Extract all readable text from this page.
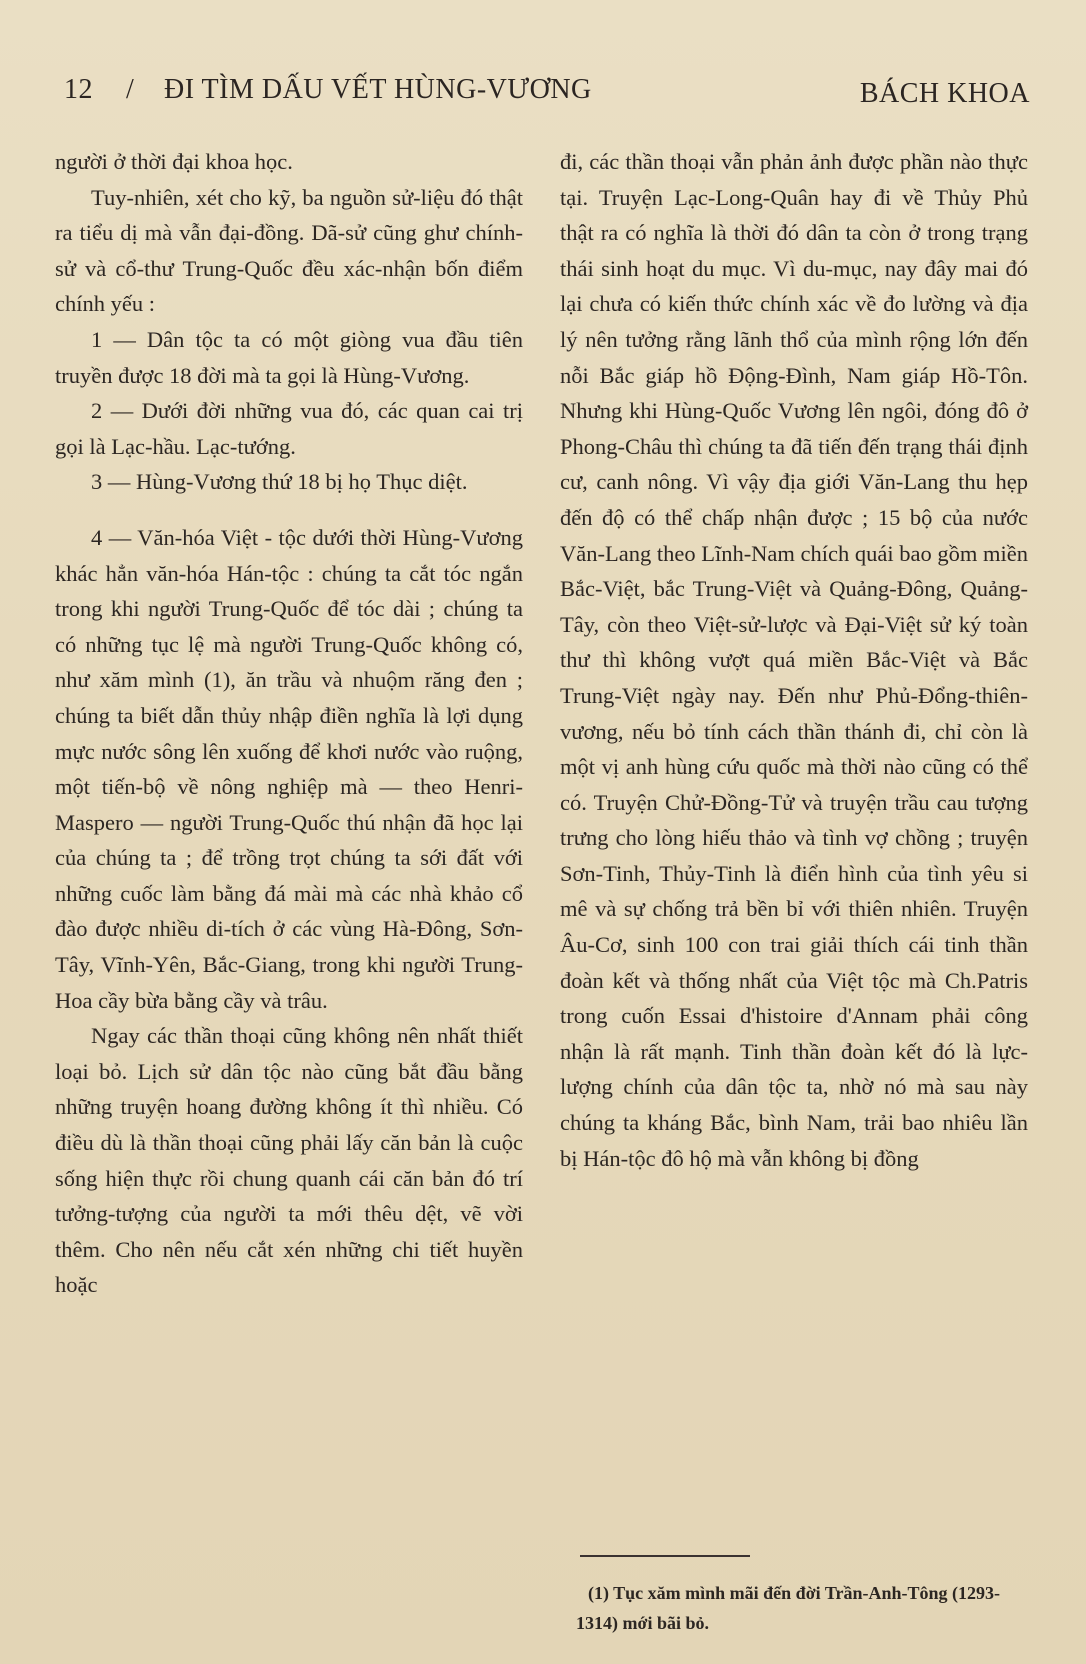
12 / ĐI TÌM DẤU VẾT HÙNG-VƯƠNG	BÁCH KHOA

người ở thời đại khoa học.

Tuy-nhiên, xét cho kỹ, ba nguồn sử-liệu đó thật ra tiểu dị mà vẫn đại-đồng. Dã-sử cũng ghư chính-sử và cổ-thư Trung-Quốc đều xác-nhận bốn điểm chính yếu :

1 — Dân tộc ta có một giòng vua đầu tiên truyền được 18 đời mà ta gọi là Hùng-Vương.

2 — Dưới đời những vua đó, các quan cai trị gọi là Lạc-hầu. Lạc-tướng.

3 — Hùng-Vương thứ 18 bị họ Thục diệt.

4 — Văn-hóa Việt - tộc dưới thời Hùng-Vương khác hẳn văn-hóa Hán-tộc : chúng ta cắt tóc ngắn trong khi người Trung-Quốc để tóc dài ; chúng ta có những tục lệ mà người Trung-Quốc không có, như xăm mình (1), ăn trầu và nhuộm răng đen ; chúng ta biết dẫn thủy nhập điền nghĩa là lợi dụng mực nước sông lên xuống để khơi nước vào ruộng, một tiến-bộ về nông nghiệp mà — theo Henri-Maspero — người Trung-Quốc thú nhận đã học lại của chúng ta ; để trồng trọt chúng ta sới đất với những cuốc làm bằng đá mài mà các nhà khảo cổ đào được nhiều di-tích ở các vùng Hà-Đông, Sơn-Tây, Vĩnh-Yên, Bắc-Giang, trong khi người Trung-Hoa cầy bừa bằng cầy và trâu.

Ngay các thần thoại cũng không nên nhất thiết loại bỏ. Lịch sử dân tộc nào cũng bắt đầu bằng những truyện hoang đường không ít thì nhiều. Có điều dù là thần thoại cũng phải lấy căn bản là cuộc sống hiện thực rồi chung quanh cái căn bản đó trí tưởng-tượng của người ta mới thêu dệt, vẽ vời thêm. Cho nên nếu cắt xén những chi tiết huyền hoặc

đi, các thần thoại vẫn phản ảnh được phần nào thực tại. Truyện Lạc-Long-Quân hay đi về Thủy Phủ thật ra có nghĩa là thời đó dân ta còn ở trong trạng thái sinh hoạt du mục. Vì du-mục, nay đây mai đó lại chưa có kiến thức chính xác về đo lường và địa lý nên tưởng rằng lãnh thổ của mình rộng lớn đến nỗi Bắc giáp hồ Động-Đình, Nam giáp Hồ-Tôn. Nhưng khi Hùng-Quốc Vương lên ngôi, đóng đô ở Phong-Châu thì chúng ta đã tiến đến trạng thái định cư, canh nông. Vì vậy địa giới Văn-Lang thu hẹp đến độ có thể chấp nhận được ; 15 bộ của nước Văn-Lang theo Lĩnh-Nam chích quái bao gồm miền Bắc-Việt, bắc Trung-Việt và Quảng-Đông, Quảng-Tây, còn theo Việt-sử-lược và Đại-Việt sử ký toàn thư thì không vượt quá miền Bắc-Việt và Bắc Trung-Việt ngày nay. Đến như Phủ-Đổng-thiên-vương, nếu bỏ tính cách thần thánh đi, chỉ còn là một vị anh hùng cứu quốc mà thời nào cũng có thể có. Truyện Chử-Đồng-Tử và truyện trầu cau tượng trưng cho lòng hiếu thảo và tình vợ chồng ; truyện Sơn-Tinh, Thủy-Tinh là điển hình của tình yêu si mê và sự chống trả bền bỉ với thiên nhiên. Truyện Âu-Cơ, sinh 100 con trai giải thích cái tinh thần đoàn kết và thống nhất của Việt tộc mà Ch.Patris trong cuốn Essai d'histoire d'Annam phải công nhận là rất mạnh. Tinh thần đoàn kết đó là lực-lượng chính của dân tộc ta, nhờ nó mà sau này chúng ta kháng Bắc, bình Nam, trải bao nhiêu lần bị Hán-tộc đô hộ mà vẫn không bị đồng

(1) Tục xăm mình mãi đến đời Trần-Anh-Tông (1293-1314) mới bãi bỏ.
